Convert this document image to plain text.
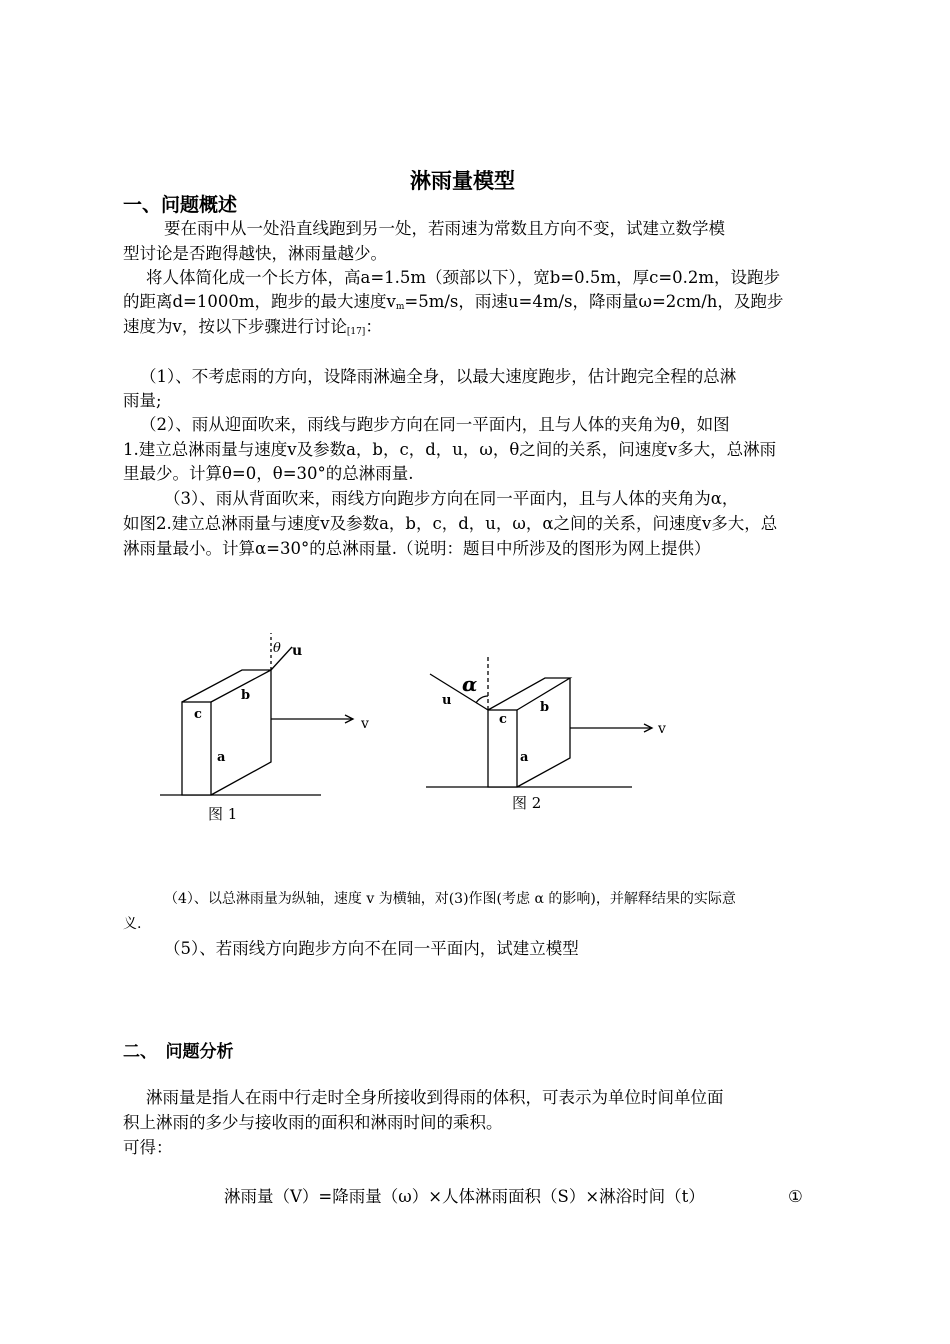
淋雨量模型
一、问题概述
要在雨中从一处沿直线跑到另一处，若雨速为常数且方向不变，试建立数学模
型讨论是否跑得越快，淋雨量越少。
将人体简化成一个长方体，高a=1.5m（颈部以下），宽b=0.5m，厚c=0.2m，设跑步
的距离d=1000m，跑步的最大速度$v_m=5m/s$，雨速u=4m/s，降雨量ω=2cm/h，及跑步
速度为v，按以下步骤进行讨论$_{[17]}$：
（1）、不考虑雨的方向，设降雨淋遍全身，以最大速度跑步，估计跑完全程的总淋
雨量;
（2）、雨从迎面吹来，雨线与跑步方向在同一平面内，且与人体的夹角为θ，如图
1.建立总淋雨量与速度v及参数a，b，c，d，u，ω，θ之间的关系，问速度v多大，总淋雨
里最少。计算θ=0，θ=30°的总淋雨量.
（3）、雨从背面吹来，雨线方向跑步方向在同一平面内，且与人体的夹角为α，
如图2.建立总淋雨量与速度v及参数a，b，c，d，u，ω，α之间的关系，问速度v多大，总
淋雨量最小。计算α=30°的总淋雨量.（说明：题目中所涉及的图形为网上提供）
θ u
b
c
a
v
图 1
α
u	b
c
a
v
图 2
（4）、以总淋雨量为纵轴，速度 v 为横轴，对(3)作图(考虑 α 的影响)，并解释结果的实际意
义.
（5）、若雨线方向跑步方向不在同一平面内，试建立模型
二、　问题分析
淋雨量是指人在雨中行走时全身所接收到得雨的体积，可表示为单位时间单位面
积上淋雨的多少与接收雨的面积和淋雨时间的乘积。
可得：
淋雨量（V）=降雨量（ω）×人体淋雨面积（S）×淋浴时间（t）	①
